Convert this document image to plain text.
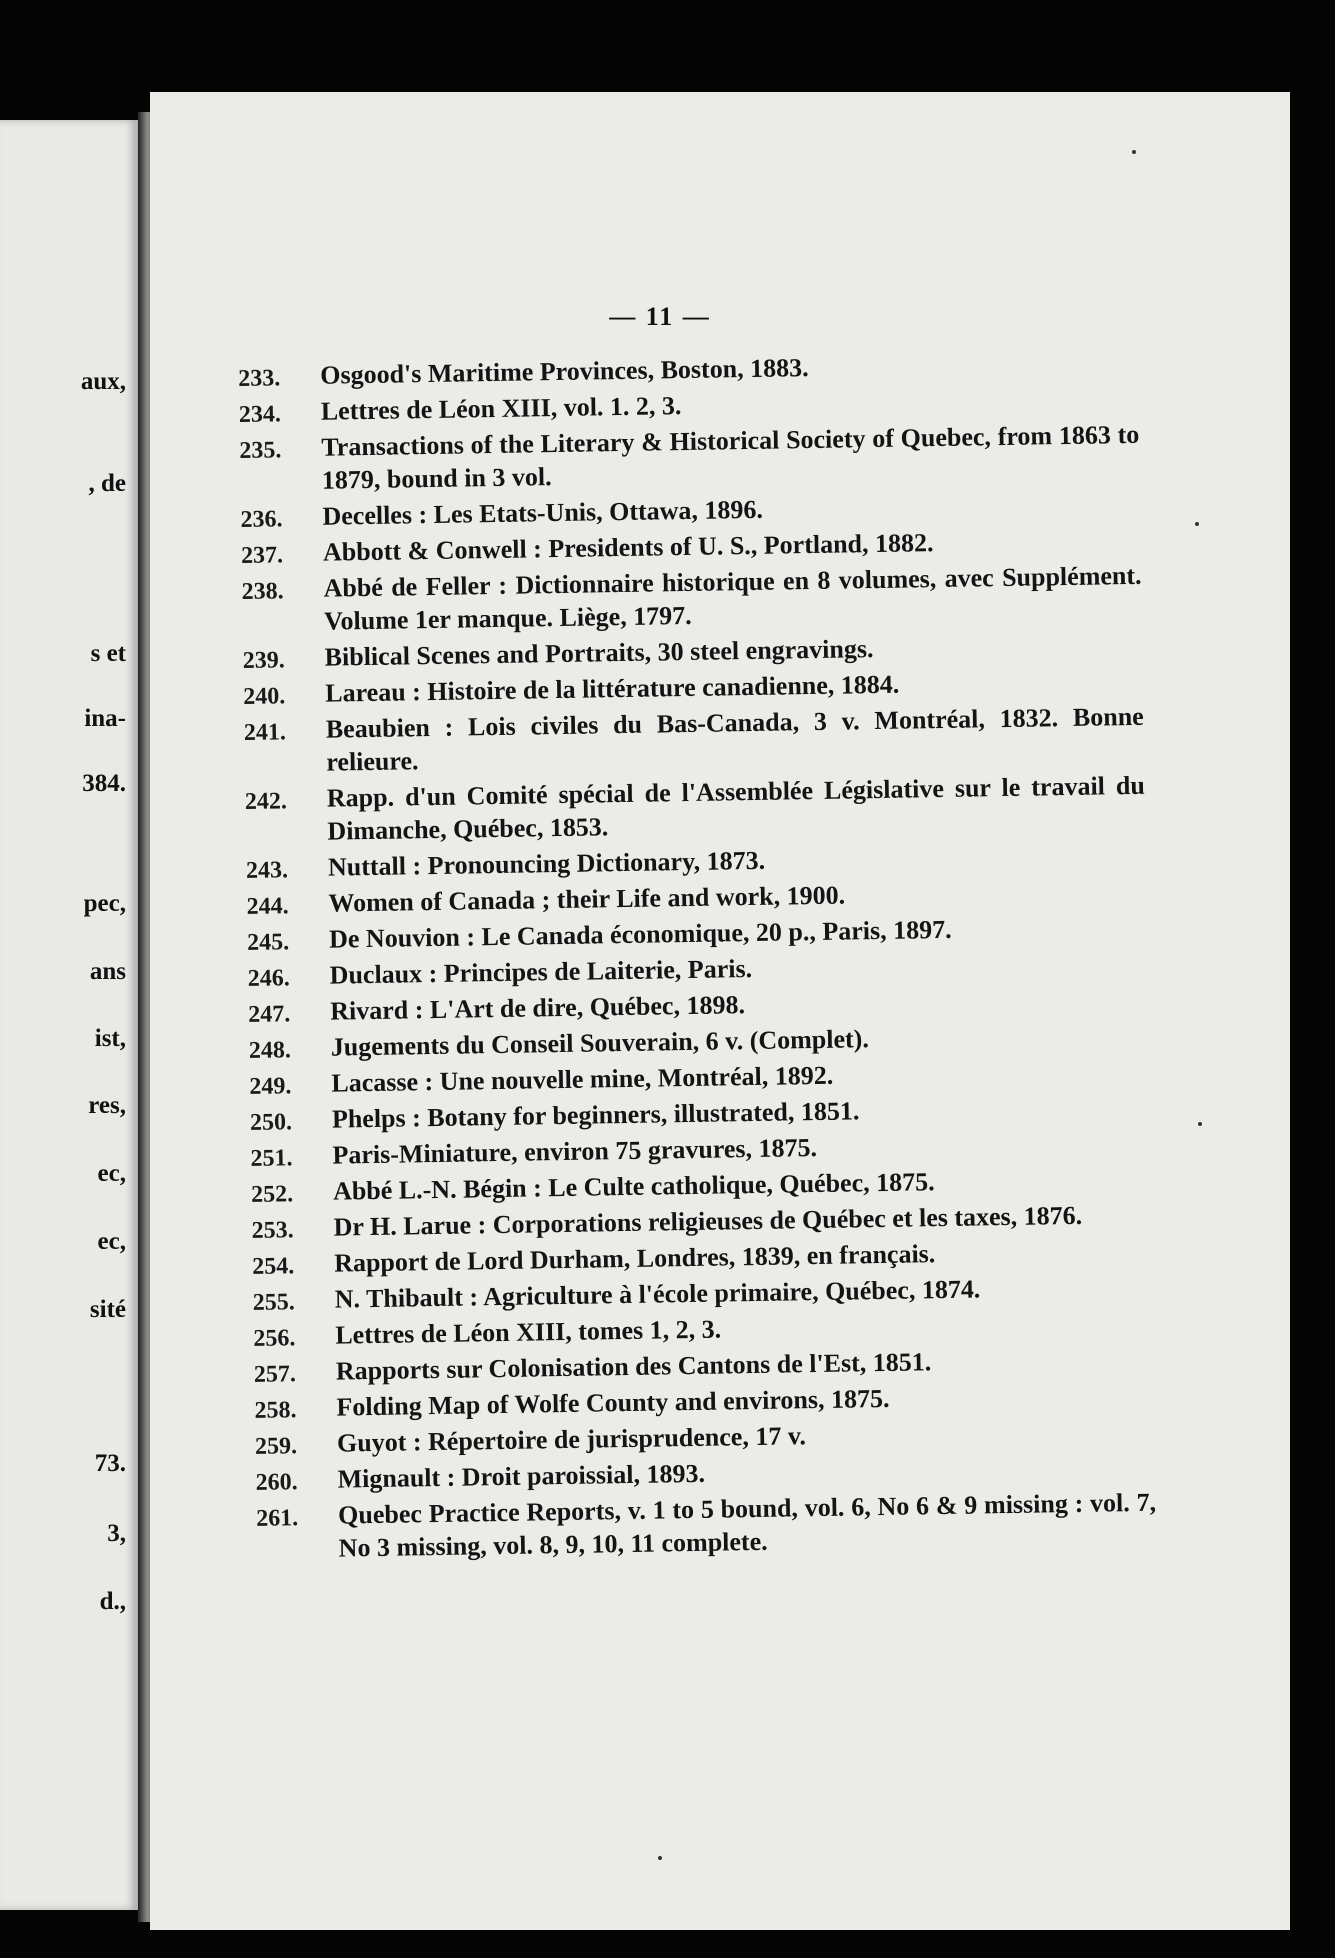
aux,
, de
s et
ina-
384.
pec,
ans
ist,
res,
ec,
ec,
sité
73.
3,
d.,
— 11 —
233.	Osgood's Maritime Provinces, Boston, 1883.
234.	Lettres de Léon XIII, vol. 1. 2, 3.
235.	Transactions of the Literary & Historical Society of Quebec, from 1863 to 1879, bound in 3 vol.
236.	Decelles : Les Etats-Unis, Ottawa, 1896.
237.	Abbott & Conwell : Presidents of U. S., Portland, 1882.
238.	Abbé de Feller : Dictionnaire historique en 8 volumes, avec Supplément. Volume 1er manque. Liège, 1797.
239.	Biblical Scenes and Portraits, 30 steel engravings.
240.	Lareau : Histoire de la littérature canadienne, 1884.
241.	Beaubien : Lois civiles du Bas-Canada, 3 v. Montréal, 1832. Bonne relieure.
242.	Rapp. d'un Comité spécial de l'Assemblée Législative sur le travail du Dimanche, Québec, 1853.
243.	Nuttall : Pronouncing Dictionary, 1873.
244.	Women of Canada ; their Life and work, 1900.
245.	De Nouvion : Le Canada économique, 20 p., Paris, 1897.
246.	Duclaux : Principes de Laiterie, Paris.
247.	Rivard : L'Art de dire, Québec, 1898.
248.	Jugements du Conseil Souverain, 6 v. (Complet).
249.	Lacasse : Une nouvelle mine, Montréal, 1892.
250.	Phelps : Botany for beginners, illustrated, 1851.
251.	Paris-Miniature, environ 75 gravures, 1875.
252.	Abbé L.-N. Bégin : Le Culte catholique, Québec, 1875.
253.	Dr H. Larue : Corporations religieuses de Québec et les taxes, 1876.
254.	Rapport de Lord Durham, Londres, 1839, en français.
255.	N. Thibault : Agriculture à l'école primaire, Québec, 1874.
256.	Lettres de Léon XIII, tomes 1, 2, 3.
257.	Rapports sur Colonisation des Cantons de l'Est, 1851.
258.	Folding Map of Wolfe County and environs, 1875.
259.	Guyot : Répertoire de jurisprudence, 17 v.
260.	Mignault : Droit paroissial, 1893.
261.	Quebec Practice Reports, v. 1 to 5 bound, vol. 6, No 6 & 9 missing : vol. 7, No 3 missing, vol. 8, 9, 10, 11 complete.
